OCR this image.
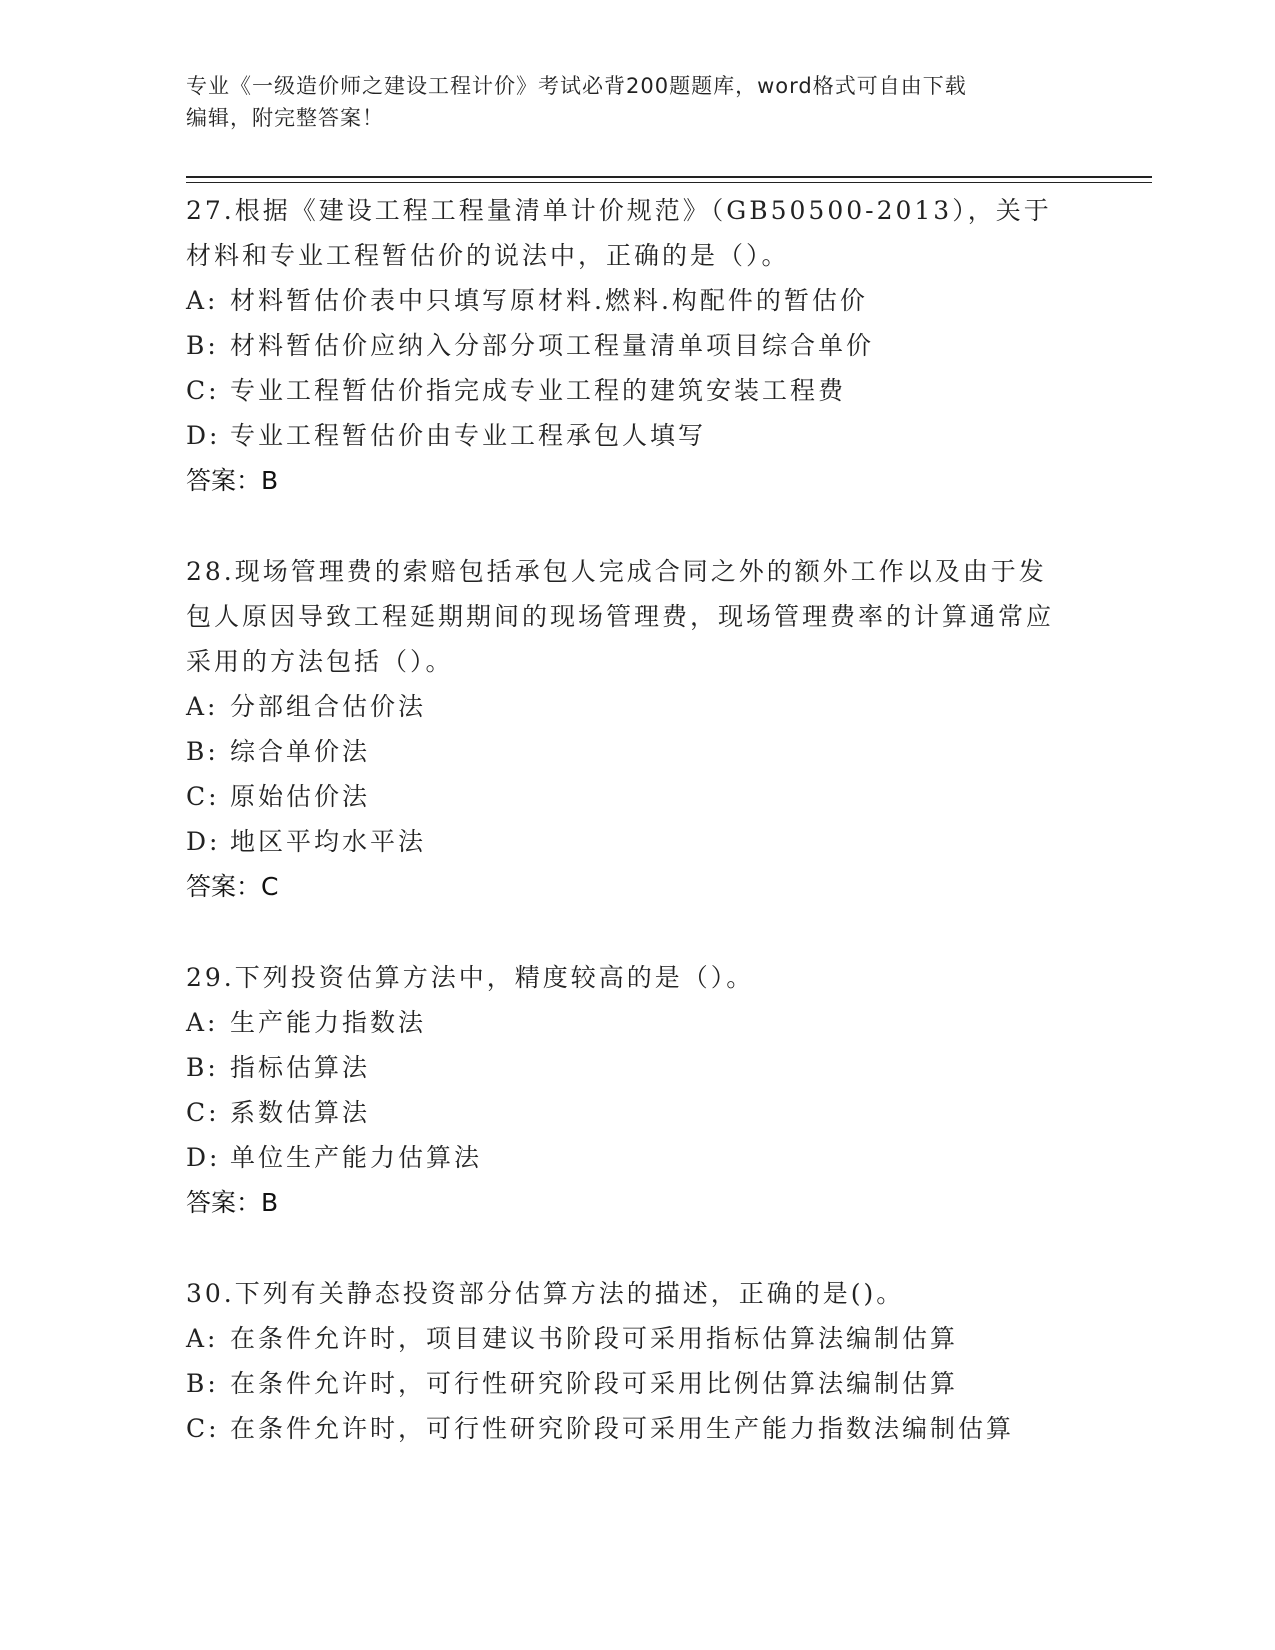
专业《一级造价师之建设工程计价》考试必背200题题库，word格式可自由下载
编辑，附完整答案！

27.根据《建设工程工程量清单计价规范》（GB50500-2013），关于材料和专业工程暂估价的说法中，正确的是（）。

A: 材料暂估价表中只填写原材料.燃料.构配件的暂估价

B: 材料暂估价应纳入分部分项工程量清单项目综合单价

C: 专业工程暂估价指完成专业工程的建筑安装工程费

D: 专业工程暂估价由专业工程承包人填写

答案：B

28.现场管理费的索赔包括承包人完成合同之外的额外工作以及由于发包人原因导致工程延期期间的现场管理费，现场管理费率的计算通常应采用的方法包括（）。

A: 分部组合估价法

B: 综合单价法

C: 原始估价法

D: 地区平均水平法

答案：C

29.下列投资估算方法中，精度较高的是（）。

A: 生产能力指数法

B: 指标估算法

C: 系数估算法

D: 单位生产能力估算法

答案：B

30.下列有关静态投资部分估算方法的描述，正确的是()。

A: 在条件允许时，项目建议书阶段可采用指标估算法编制估算

B: 在条件允许时，可行性研究阶段可采用比例估算法编制估算

C: 在条件允许时，可行性研究阶段可采用生产能力指数法编制估算
